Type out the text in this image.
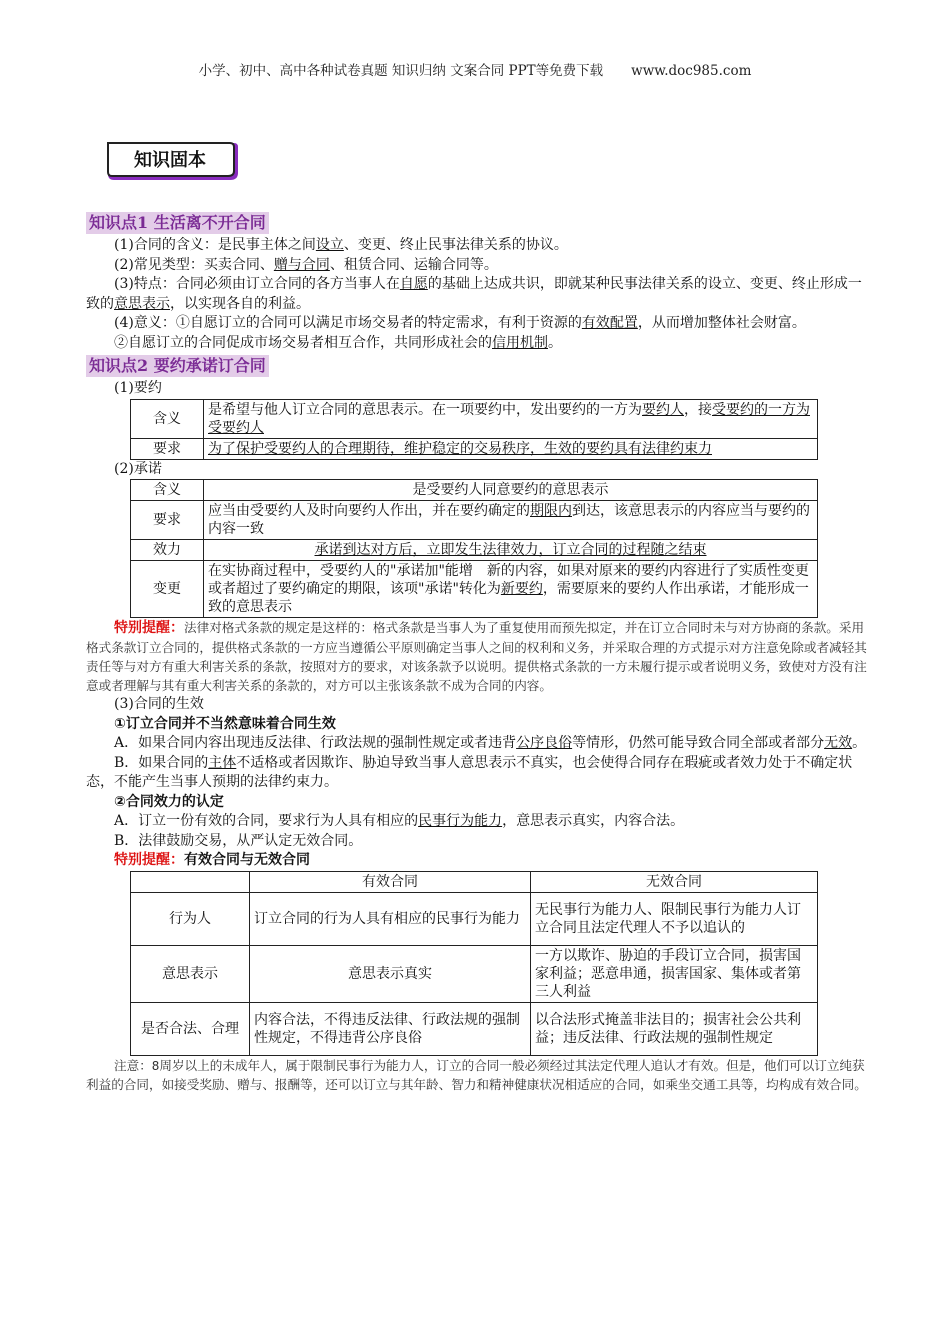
小学、初中、高中各种试卷真题 知识归纳 文案合同 PPT等免费下载 www.doc985.com
知识固本
知识点1 生活离不开合同

(1)合同的含义：是民事主体之间设立、变更、终止民事法律关系的协议。

(2)常见类型：买卖合同、赠与合同、租赁合同、运输合同等。

(3)特点：合同必须由订立合同的各方当事人在自愿的基础上达成共识，即就某种民事法律关系的设立、变更、终止形成一致的意思表示，以实现各自的利益。

(4)意义：①自愿订立的合同可以满足市场交易者的特定需求，有利于资源的有效配置，从而增加整体社会财富。

②自愿订立的合同促成市场交易者相互合作，共同形成社会的信用机制。

知识点2 要约承诺订合同

(1)要约

含义	是希望与他人订立合同的意思表示。在一项要约中，发出要约的一方为要约人，接受要约的一方为受要约人
要求	为了保护受要约人的合理期待，维护稳定的交易秩序，生效的要约具有法律约束力

(2)承诺

含义	是受要约人同意要约的意思表示
要求	应当由受要约人及时向要约人作出，并在要约确定的期限内到达，该意思表示的内容应当与要约的内容一致
效力	承诺到达对方后，立即发生法律效力，订立合同的过程随之结束
变更	在实协商过程中，受要约人的"承诺加"能增　新的内容，如果对原来的要约内容进行了实质性变更或者超过了要约确定的期限，该项"承诺"转化为新要约，需要原来的要约人作出承诺，才能形成一致的意思表示

特别提醒：法律对格式条款的规定是这样的：格式条款是当事人为了重复使用而预先拟定，并在订立合同时未与对方协商的条款。采用格式条款订立合同的，提供格式条款的一方应当遵循公平原则确定当事人之间的权利和义务，并采取合理的方式提示对方注意免除或者减轻其责任等与对方有重大利害关系的条款，按照对方的要求，对该条款予以说明。提供格式条款的一方未履行提示或者说明义务，致使对方没有注意或者理解与其有重大利害关系的条款的，对方可以主张该条款不成为合同的内容。

(3)合同的生效

①订立合同并不当然意味着合同生效

A．如果合同内容出现违反法律、行政法规的强制性规定或者违背公序良俗等情形，仍然可能导致合同全部或者部分无效。

B．如果合同的主体不适格或者因欺诈、胁迫导致当事人意思表示不真实，也会使得合同存在瑕疵或者效力处于不确定状态，不能产生当事人预期的法律约束力。

②合同效力的认定

A．订立一份有效的合同，要求行为人具有相应的民事行为能力，意思表示真实，内容合法。

B．法律鼓励交易，从严认定无效合同。

特别提醒：有效合同与无效合同

	有效合同	无效合同
行为人	订立合同的行为人具有相应的民事行为能力	无民事行为能力人、限制民事行为能力人订立合同且法定代理人不予以追认的
意思表示	意思表示真实	一方以欺诈、胁迫的手段订立合同，损害国家利益；恶意串通，损害国家、集体或者第三人利益
是否合法、合理	内容合法，不得违反法律、行政法规的强制性规定，不得违背公序良俗	以合法形式掩盖非法目的；损害社会公共利益；违反法律、行政法规的强制性规定

注意：8周岁以上的未成年人，属于限制民事行为能力人，订立的合同一般必须经过其法定代理人追认才有效。但是，他们可以订立纯获利益的合同，如接受奖励、赠与、报酬等，还可以订立与其年龄、智力和精神健康状况相适应的合同，如乘坐交通工具等，均构成有效合同。
